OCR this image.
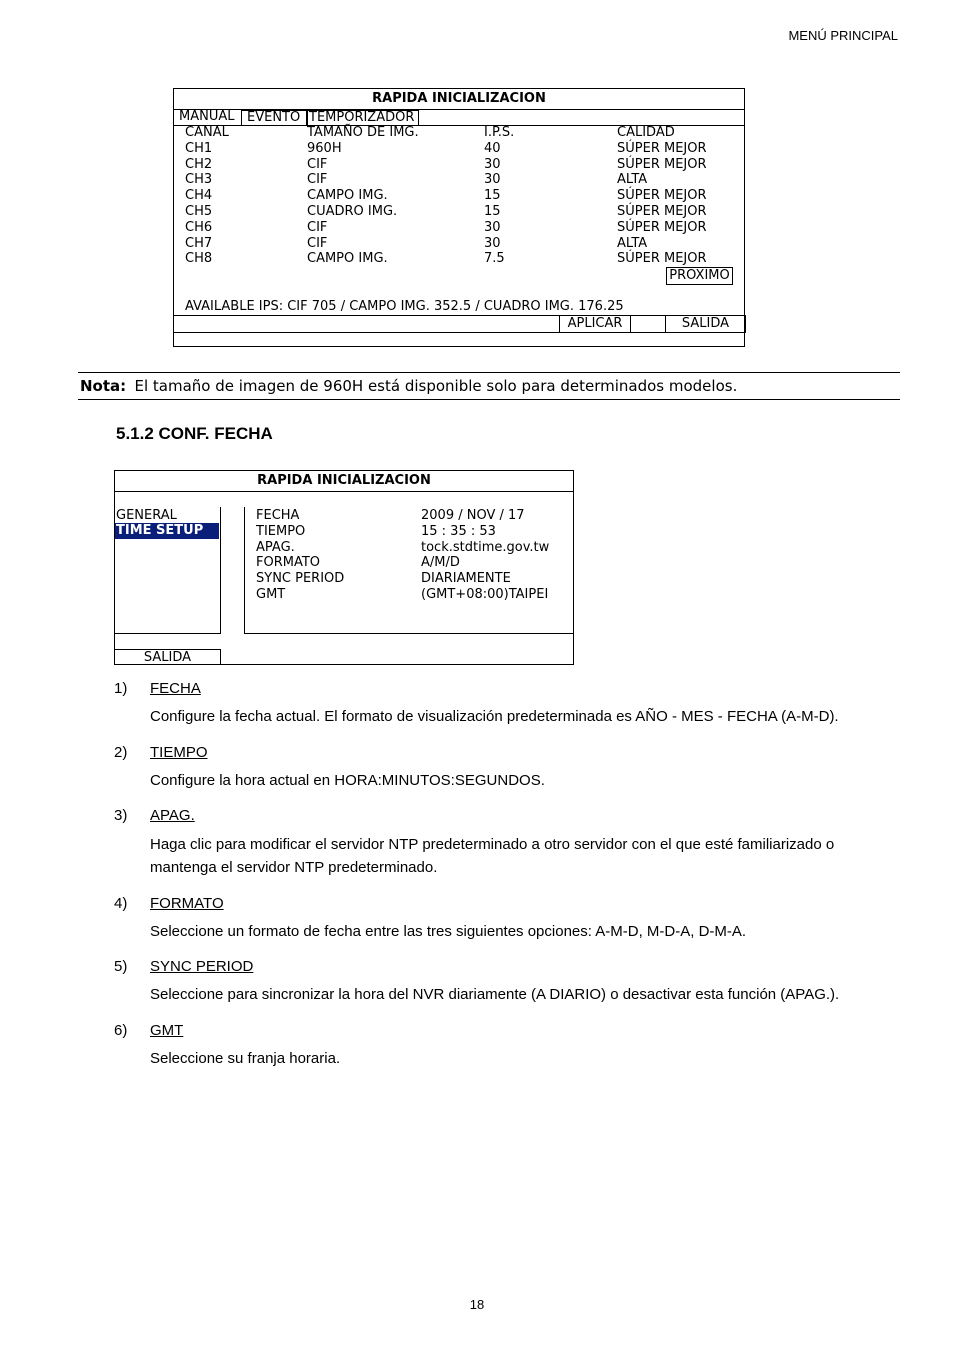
MENÚ PRINCIPAL
RAPIDA INICIALIZACION
MANUAL EVENTO TEMPORIZADOR
CANAL
CH1
CH2
CH3
CH4
CH5
CH6
CH7
CH8
TAMAÑO DE IMG.
960H
CIF
CIF
CAMPO IMG.
CUADRO IMG.
CIF
CIF
CAMPO IMG.
I.P.S.
40
30
30
15
15
30
30
7.5
CALIDAD
SÚPER MEJOR
SÚPER MEJOR
ALTA
SÚPER MEJOR
SÚPER MEJOR
SÚPER MEJOR
ALTA
SÚPER MEJOR
PROXIMO
AVAILABLE IPS: CIF 705 / CAMPO IMG. 352.5 / CUADRO IMG. 176.25
APLICAR	SALIDA
Nota: El tamaño de imagen de 960H está disponible solo para determinados modelos.
5.1.2 CONF. FECHA
RAPIDA INICIALIZACION
GENERAL
TIME SETUP
FECHA
TIEMPO
APAG.
FORMATO
SYNC PERIOD
GMT
2009 / NOV / 17
15 : 35 : 53
tock.stdtime.gov.tw
A/M/D
DIARIAMENTE
(GMT+08:00)TAIPEI
SALIDA
1) FECHA
Configure la fecha actual. El formato de visualización predeterminada es AÑO - MES - FECHA (A-M-D).
2) TIEMPO
Configure la hora actual en HORA:MINUTOS:SEGUNDOS.
3) APAG.
Haga clic para modificar el servidor NTP predeterminado a otro servidor con el que esté familiarizado o mantenga el servidor NTP predeterminado.
4) FORMATO
Seleccione un formato de fecha entre las tres siguientes opciones: A-M-D, M-D-A, D-M-A.
5) SYNC PERIOD
Seleccione para sincronizar la hora del NVR diariamente (A DIARIO) o desactivar esta función (APAG.).
6) GMT
Seleccione su franja horaria.
18
